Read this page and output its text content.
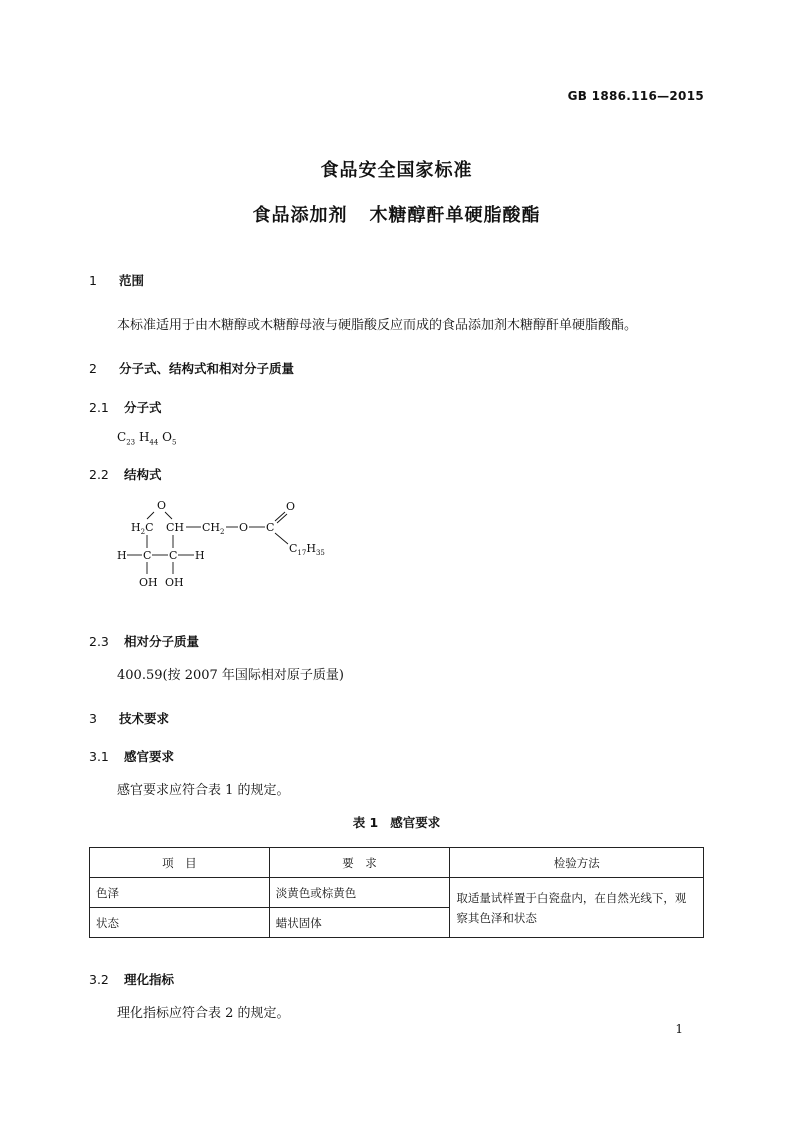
GB 1886.116—2015
食品安全国家标准
食品添加剂 木糖醇酐单硬脂酸酯
1 范围
本标准适用于由木糖醇或木糖醇母液与硬脂酸反应而成的食品添加剂木糖醇酐单硬脂酸酯。
2 分子式、结构式和相对分子质量
2.1 分子式
$C_{23}$ $H_{44}$ $O_5$
2.2 结构式
O
$H_2C$ CH $CH_2$ O C
O
$C_{17}H_{35}$
H C C H
OH OH
2.3 相对分子质量
400.59(按 2007 年国际相对原子质量)
3 技术要求
3.1 感官要求
感官要求应符合表 1 的规定。
表 1 感官要求
项　目	要　求	检验方法
色泽	淡黄色或棕黄色	取适量试样置于白瓷盘内，在自然光线下，观察其色泽和状态
状态	蜡状固体	
3.2 理化指标
理化指标应符合表 2 的规定。
1
